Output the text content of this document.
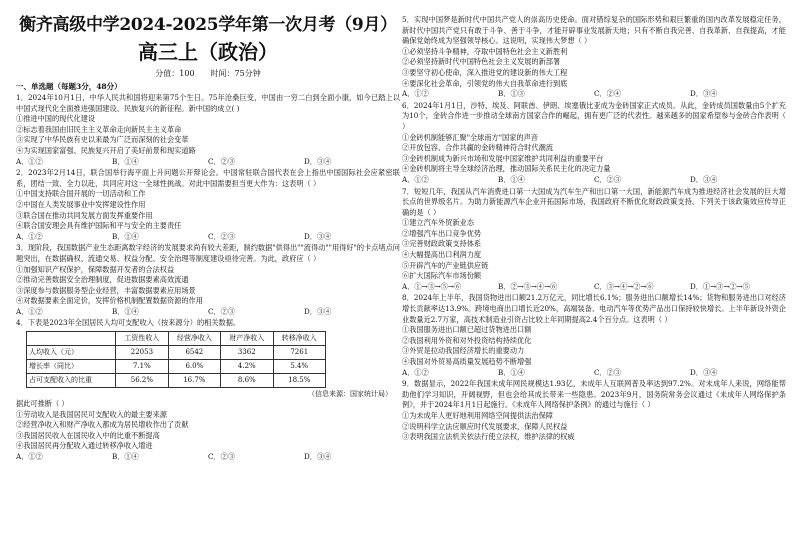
衡齐高级中学2024-2025学年第一次月考（9月）
高三上（政治）
分值：100　　时间：75分钟
一、单选题（每题3分，48分）
1．2024年10月1日，中华人民共和国将迎来第75个生日。75年沧桑巨变，中国由一穷二白到全面小康，如今已踏上以中国式现代化全面推进强国建设、民族复兴的新征程。新中国的成立( )
①推进中国的现代化建设
②标志着我国由旧民主主义革命走向新民主主义革命
③实现了中华民族有史以来最为广泛而深刻的社会变革
④为实现国家富强、民族复兴开启了美好前景和现实道路
A．①②	B．①④	C．②③	D．③④
2．2023年2月14日，联合国举行海平面上升问题公开辩论会。中国常驻联合国代表在会上指出中国国际社会应紧密联系，团结一致、全力以赴，共同应对这一全球性挑战。对此中国需要担当更大作为：这表明（ ）
①中国支持联合国开展的一切活动和工作
②中国在人类发展事业中发挥建设性作用
③联合国在推动共同发展方面发挥重要作用
④联合国安理会具有维护国际和平与安全的主要责任
A．①②	B．①④	C．②③	D．③④
3．现阶段，我国数据产业生态距离数字经济的发展要求尚有较大差距，制约数据"供得出""流得动""用得好"的卡点堵点问题突出，在数据确权、流通交易、权益分配、安全治理等制度建设亟待完善。为此，政府应（ ）
①加强知识产权保护，保障数据开发者的合法权益
②推动完善数据安全治理制度，促进数据要素高效流通
③深度参与数据服务型企业经营，丰富数据要素应用场景
④对数据要素全面定价，发挥价格机制配置数据资源的作用
A．①②	B．①④	C．②③	D．③④
4．下表是2023年全国居民人均可支配收入（按来源分）的相关数据。
	工资性收入	经营净收入	财产净收入	转移净收入
人均收入（元）	22053	6542	3362	7261
增长率（同比）	7.1%	6.0%	4.2%	5.4%
占可支配收入的比重	56.2%	16.7%	8.6%	18.5%
（信息来源：国家统计局）
据此可推断（ ）
①劳动收入是我国居民可支配收入的最主要来源
②经营净收入和财产净收入都成为居民增收作出了贡献
③我国居民收入在国民收入中的比重不断提高
④我国居民再分配收入通过转移净收入增进
A．①②	B．①④	C．②③	D．③④
5．实现中国梦是新时代中国共产党人的崇高历史使命。面对错综复杂的国际形势和艰巨繁重的国内改革发展稳定任务，新时代中国共产党只有敢于斗争、善于斗争，才能开辟事业发展新天地；只有不断自我完善、自我革新、自我提高，才能确保党始终成为坚强领导核心。这说明，实现伟大梦想（ ）
①必须坚持斗争精神，夺取中国特色社会主义新胜利
②必须坚持新时代中国特色社会主义发展的新部署
③要坚守初心使命，深入推进党的建设新的伟大工程
④要深化社会革命，引领党的伟大自我革命进行到底
A．①②	B．①③	C．②④	D．③④
6．2024年1月1日，沙特、埃及、阿联酋、伊朗、埃塞俄比亚成为金砖国家正式成员。从此，金砖成员国数量由5个扩充为10个，金砖合作进一步推动全球南方国家合作的崛起，拥有更广泛的代表性。越来越多的国家希望参与金砖合作表明（ ）
①金砖机制能够汇聚"全球南方"国家的声音
②开放包容、合作共赢的金砖精神符合时代潮流
③金砖机制成为新兴市场和发展中国家维护共同利益的重要平台
④金砖机制将主导全球经济治理，推动国际关系民主化的决定力量
A．①②	B．①④	C．②③	D．③④
7．短短几年，我国从汽车消费进口第一大国成为汽车生产和出口第一大国，新能源汽车成为推进经济社会发展的巨大增长点的世界级名片。为助力新能源汽车企业开拓国际市场，我国政府不断优化财政政策支持。下列关于该政策效应传导正确的是（ ）
①建立汽车外贸新业态
②增强汽车出口竞争优势
③完善财政政策支持体系
④大幅提高出口利润力度
⑤开辟汽车的产业链供应链
⑥扩大国际汽车市场份额
A．①→③→⑤→⑥	B．②→③→④→⑥	C．③→④→②→⑥	D．①→③→②→⑤
8．2024年上半年，我国货物进出口额21.2万亿元，同比增长6.1%；服务进出口额增长14%；货物和服务进出口对经济增长贡献率达13.9%。跨境电商出口增长近20%，高端装备、电动汽车等优势产品出口保持较快增长。上半年新设外资企业数量近2.7万家，高技术制造业引资占比较上年同期提高2.4个百分点。这表明（ ）
①我国服务进出口额已超过货物进出口额
②我国利用外资和对外投资结构持续优化
③外贸是拉动我国经济增长的重要动力
④我国对外贸易高质量发展趋势不断增强
A．①②	B．①④	C．②③	D．③④
9．数据显示，2022年我国未成年网民规模达1.93亿，未成年人互联网普及率达到97.2%。对未成年人来说，网络能帮助他们学习知识，开阔视野，但也会给其成长带来一些隐患。2023年9月，国务院常务会议通过《未成年人网络保护条例》，并于2024年1月1日起施行。《未成年人网络保护条例》的通过与施行（ ）
①为未成年人更好地利用网络空间提供法治保障
②说明科学立法应顺应时代发展要求，保障人民权益
③表明我国立法机关依法行使立法权，维护法律的权威
